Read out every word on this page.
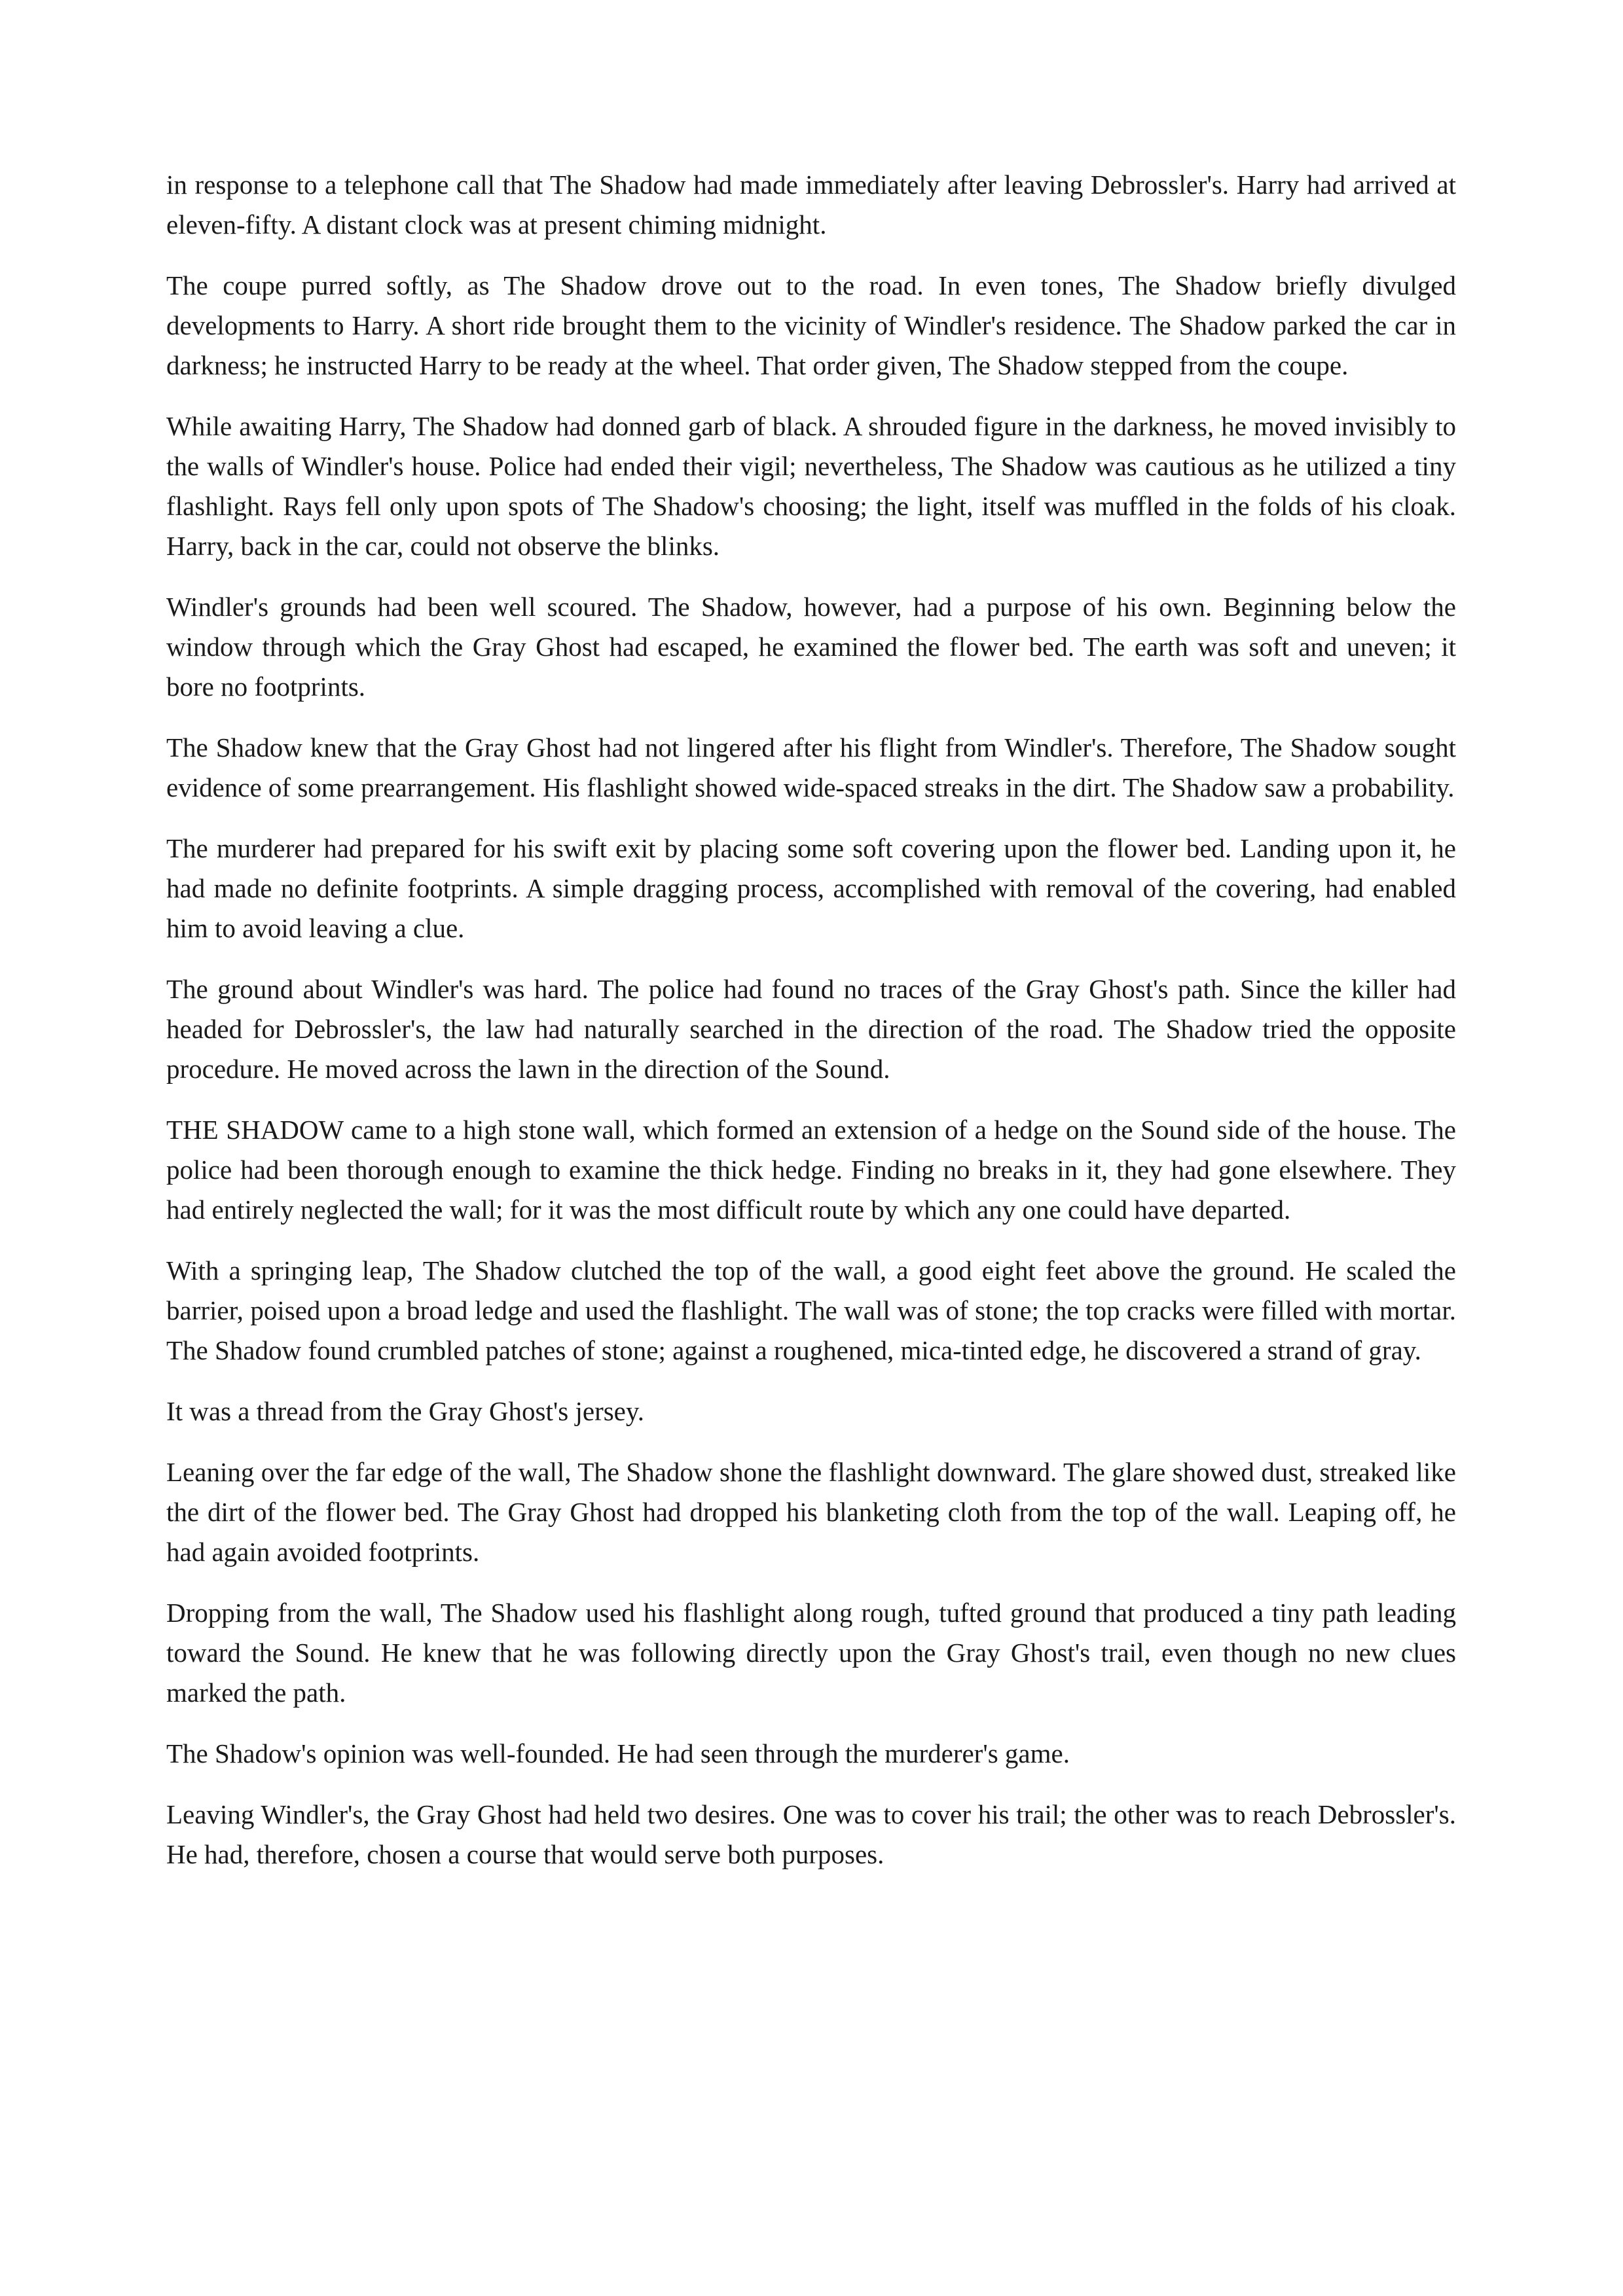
in response to a telephone call that The Shadow had made immediately after leaving Debrossler's. Harry had arrived at eleven-fifty. A distant clock was at present chiming midnight.

The coupe purred softly, as The Shadow drove out to the road. In even tones, The Shadow briefly divulged developments to Harry. A short ride brought them to the vicinity of Windler's residence. The Shadow parked the car in darkness; he instructed Harry to be ready at the wheel. That order given, The Shadow stepped from the coupe.

While awaiting Harry, The Shadow had donned garb of black. A shrouded figure in the darkness, he moved invisibly to the walls of Windler's house. Police had ended their vigil; nevertheless, The Shadow was cautious as he utilized a tiny flashlight. Rays fell only upon spots of The Shadow's choosing; the light, itself was muffled in the folds of his cloak. Harry, back in the car, could not observe the blinks.

Windler's grounds had been well scoured. The Shadow, however, had a purpose of his own. Beginning below the window through which the Gray Ghost had escaped, he examined the flower bed. The earth was soft and uneven; it bore no footprints.

The Shadow knew that the Gray Ghost had not lingered after his flight from Windler's. Therefore, The Shadow sought evidence of some prearrangement. His flashlight showed wide-spaced streaks in the dirt. The Shadow saw a probability.

The murderer had prepared for his swift exit by placing some soft covering upon the flower bed. Landing upon it, he had made no definite footprints. A simple dragging process, accomplished with removal of the covering, had enabled him to avoid leaving a clue.

The ground about Windler's was hard. The police had found no traces of the Gray Ghost's path. Since the killer had headed for Debrossler's, the law had naturally searched in the direction of the road. The Shadow tried the opposite procedure. He moved across the lawn in the direction of the Sound.

THE SHADOW came to a high stone wall, which formed an extension of a hedge on the Sound side of the house. The police had been thorough enough to examine the thick hedge. Finding no breaks in it, they had gone elsewhere. They had entirely neglected the wall; for it was the most difficult route by which any one could have departed.

With a springing leap, The Shadow clutched the top of the wall, a good eight feet above the ground. He scaled the barrier, poised upon a broad ledge and used the flashlight. The wall was of stone; the top cracks were filled with mortar. The Shadow found crumbled patches of stone; against a roughened, mica-tinted edge, he discovered a strand of gray.

It was a thread from the Gray Ghost's jersey.

Leaning over the far edge of the wall, The Shadow shone the flashlight downward. The glare showed dust, streaked like the dirt of the flower bed. The Gray Ghost had dropped his blanketing cloth from the top of the wall. Leaping off, he had again avoided footprints.

Dropping from the wall, The Shadow used his flashlight along rough, tufted ground that produced a tiny path leading toward the Sound. He knew that he was following directly upon the Gray Ghost's trail, even though no new clues marked the path.

The Shadow's opinion was well-founded. He had seen through the murderer's game.

Leaving Windler's, the Gray Ghost had held two desires. One was to cover his trail; the other was to reach Debrossler's. He had, therefore, chosen a course that would serve both purposes.
